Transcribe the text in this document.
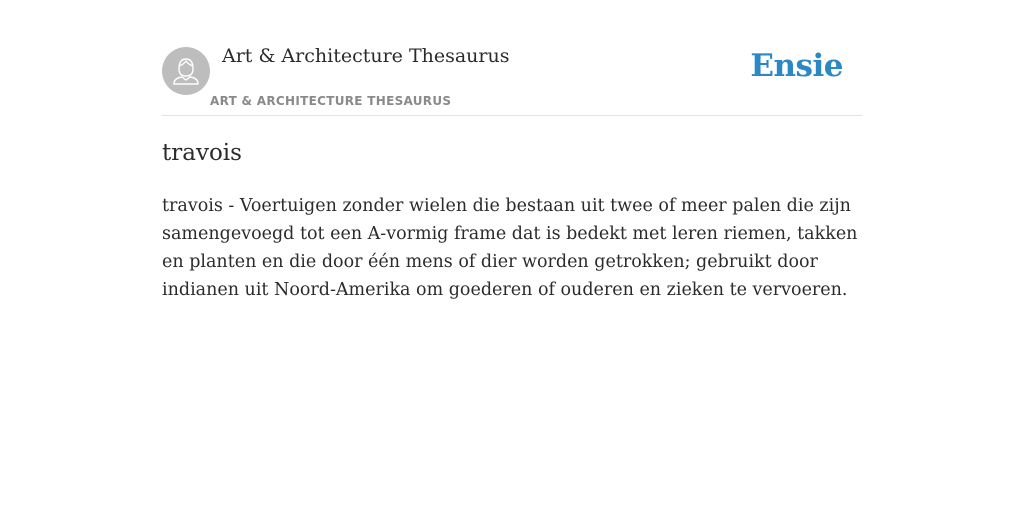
Art & Architecture Thesaurus
ART & ARCHITECTURE THESAURUS
Ensie
travois

travois - Voertuigen zonder wielen die bestaan uit twee of meer palen die zijn samengevoegd tot een A-vormig frame dat is bedekt met leren riemen, takken en planten en die door één mens of dier worden getrokken; gebruikt door indianen uit Noord-Amerika om goederen of ouderen en zieken te vervoeren.
